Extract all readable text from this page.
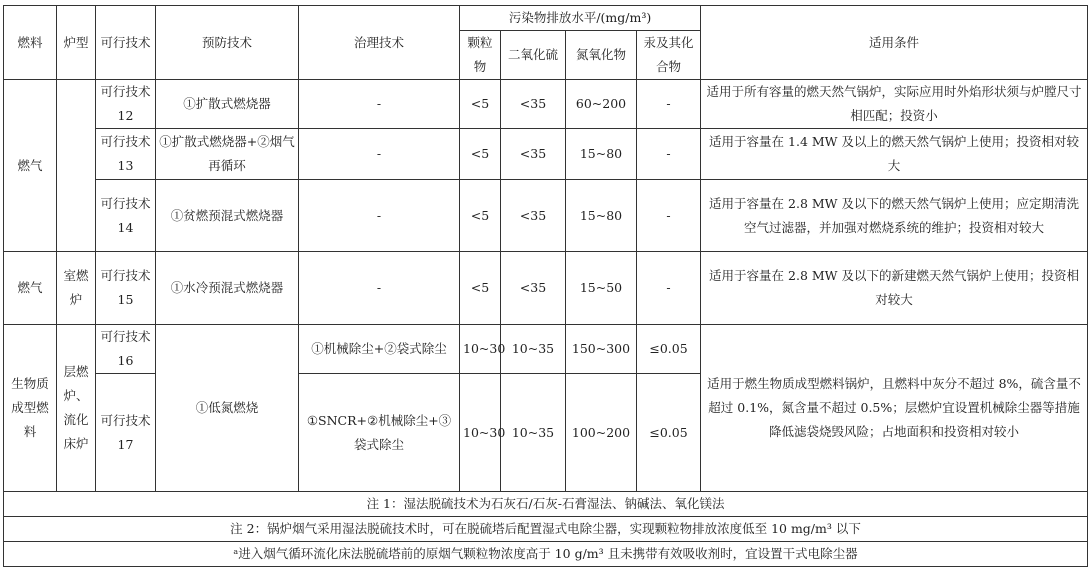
燃料	炉型	可行技术	预防技术	治理技术	污染物排放水平/(mg/m³)				适用条件
					颗粒物	二氧化硫	氮氧化物	汞及其化合物	
燃气		可行技术 12	①扩散式燃烧器	-	<5	<35	60~200	-	适用于所有容量的燃天然气锅炉，实际应用时外焰形状须与炉膛尺寸相匹配；投资小
		可行技术 13	①扩散式燃烧器+②烟气再循环	-	<5	<35	15~80	-	适用于容量在 1.4 MW 及以上的燃天然气锅炉上使用；投资相对较大
		可行技术 14	①贫燃预混式燃烧器	-	<5	<35	15~80	-	适用于容量在 2.8 MW 及以下的燃天然气锅炉上使用；应定期清洗空气过滤器，并加强对燃烧系统的维护；投资相对较大
燃气	室燃炉	可行技术 15	①水冷预混式燃烧器	-	<5	<35	15~50	-	适用于容量在 2.8 MW 及以下的新建燃天然气锅炉上使用；投资相对较大
生物质成型燃料	层燃炉、流化床炉	可行技术 16	①低氮燃烧	①机械除尘+②袋式除尘	10~30	10~35	150~300	≤0.05	适用于燃生物质成型燃料锅炉，且燃料中灰分不超过 8%，硫含量不超过 0.1%，氮含量不超过 0.5%；层燃炉宜设置机械除尘器等措施降低滤袋烧毁风险；占地面积和投资相对较小
		可行技术 17		①SNCR+②机械除尘+③袋式除尘	10~30	10~35	100~200	≤0.05	
注 1：湿法脱硫技术为石灰石/石灰-石膏湿法、钠碱法、氧化镁法									
注 2：锅炉烟气采用湿法脱硫技术时，可在脱硫塔后配置湿式电除尘器，实现颗粒物排放浓度低至 10 mg/m³ 以下									
ᵃ进入烟气循环流化床法脱硫塔前的原烟气颗粒物浓度高于 10 g/m³ 且未携带有效吸收剂时，宜设置干式电除尘器									
